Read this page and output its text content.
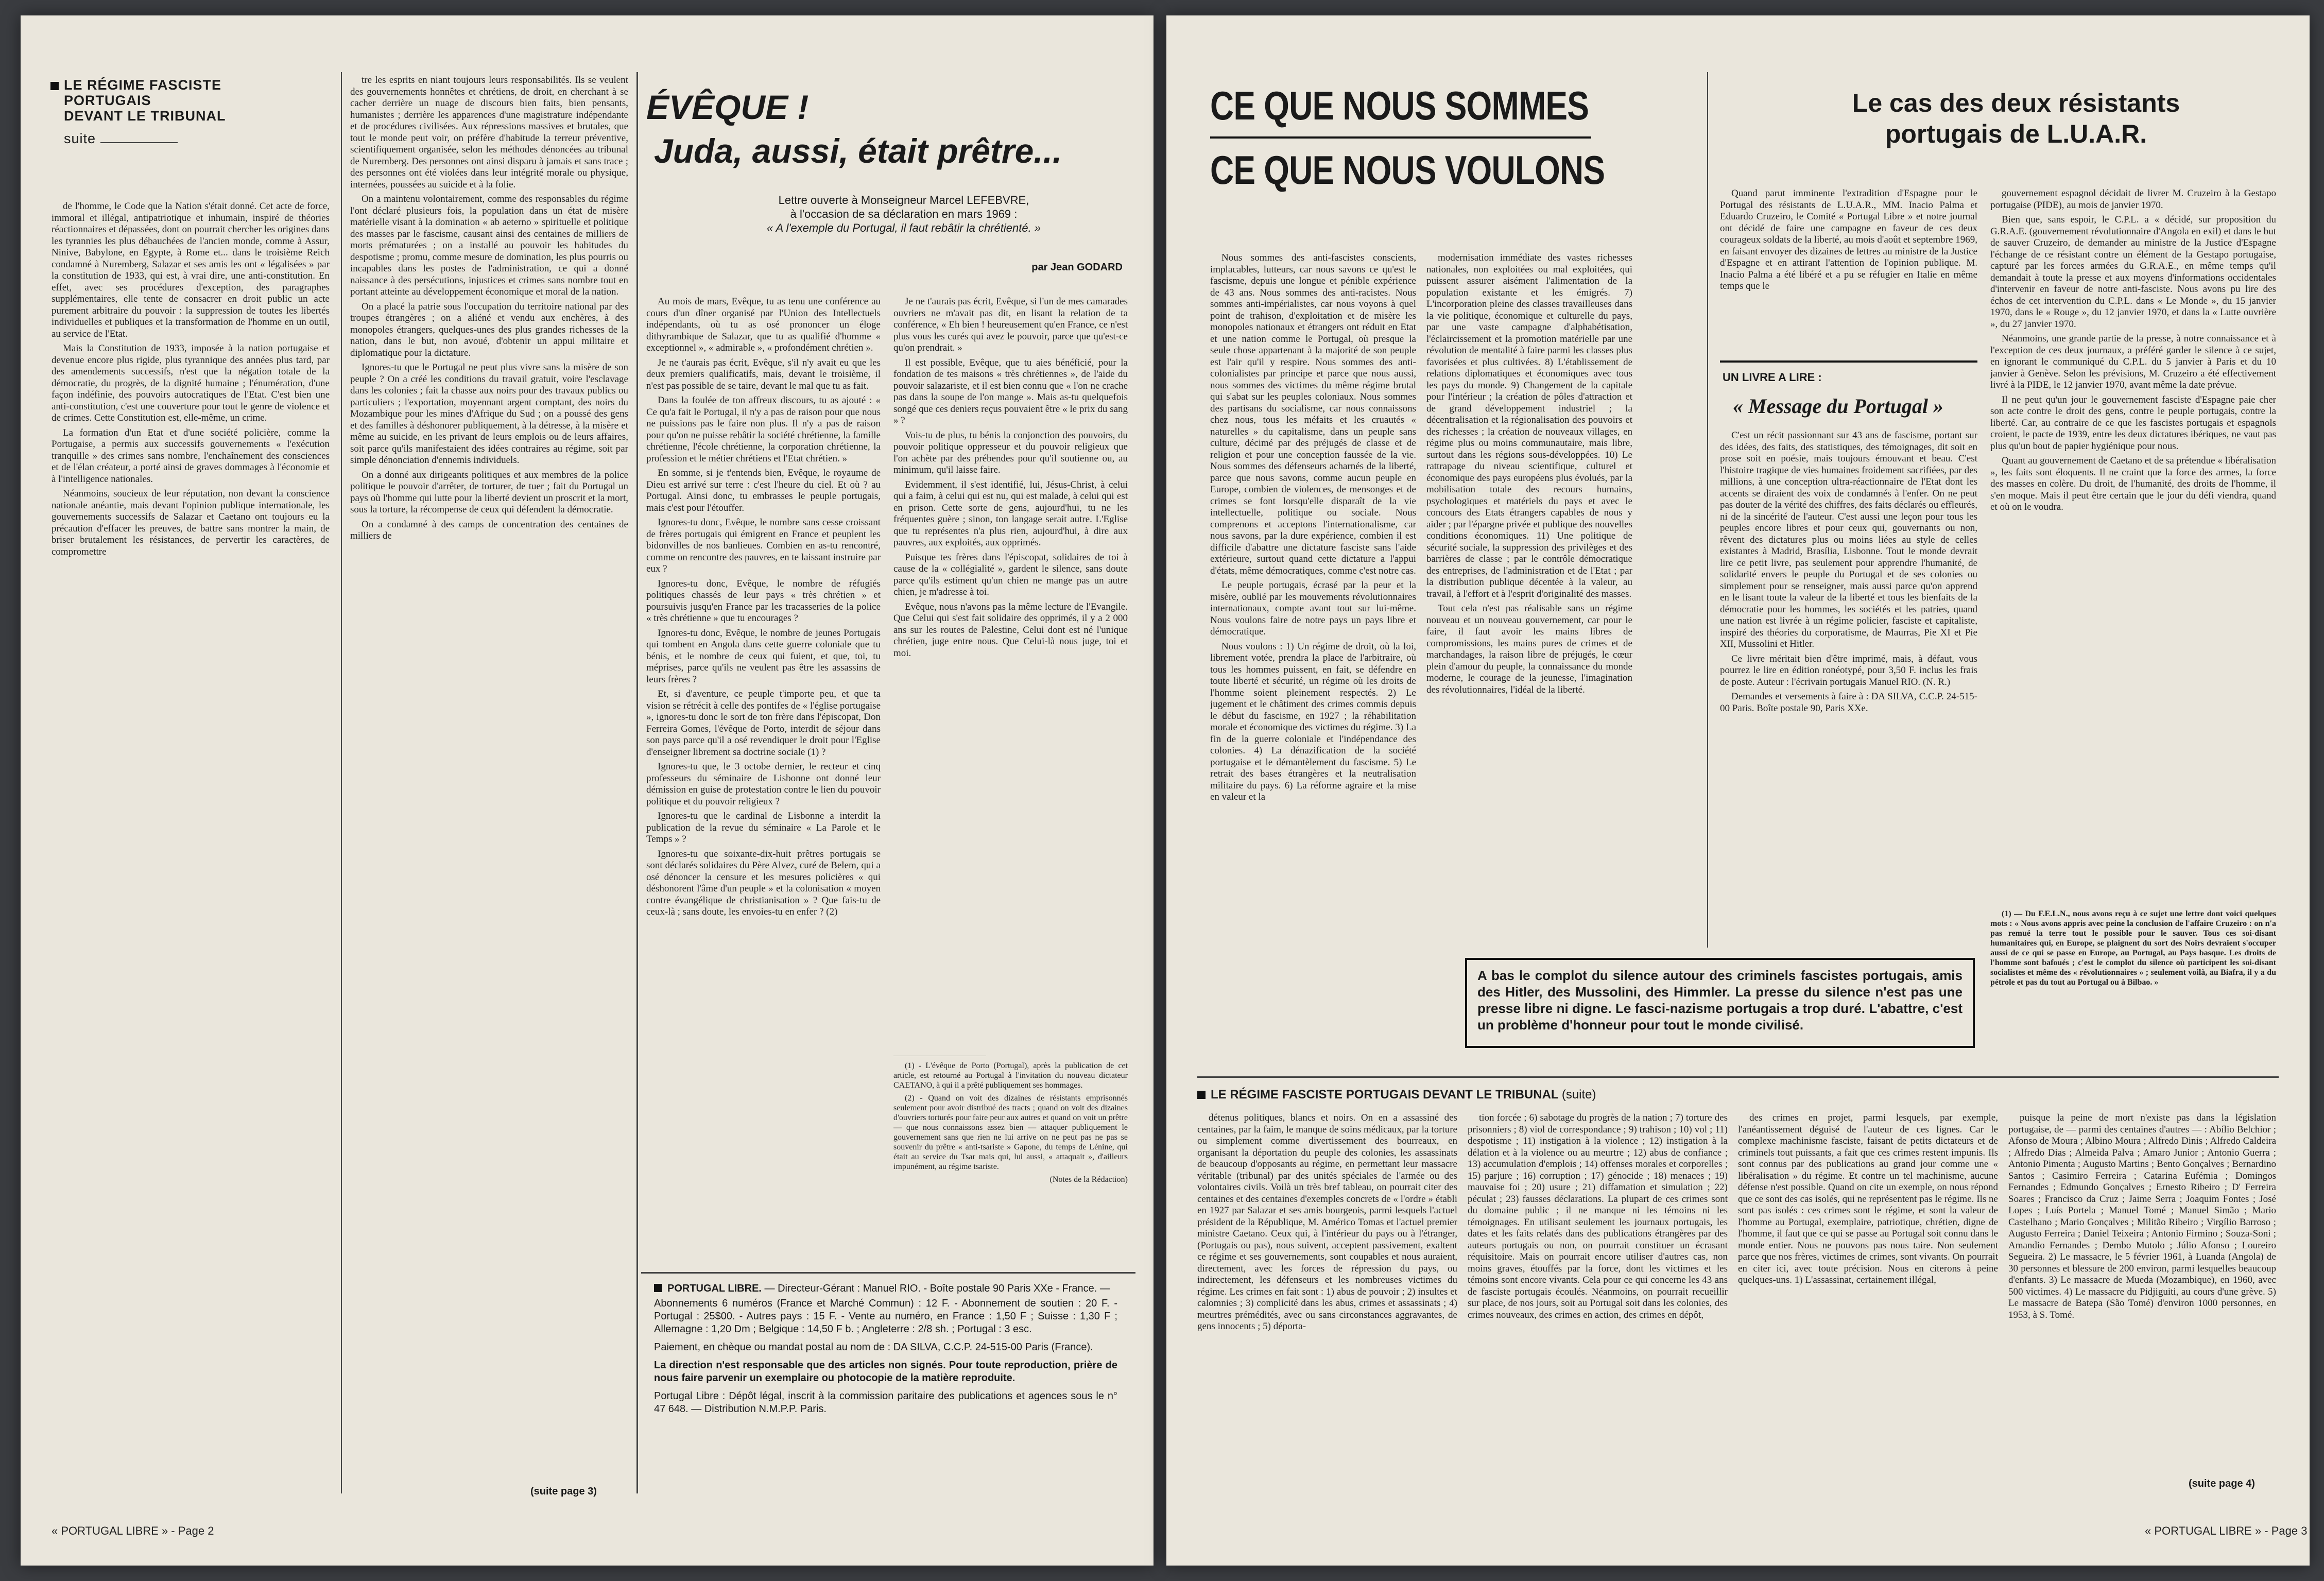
LE RÉGIME FASCISTE
PORTUGAIS
DEVANT LE TRIBUNAL
suite

de l'homme, le Code que la Nation s'était donné. Cet acte de force, immoral et illégal, antipatriotique et inhumain, inspiré de théories réactionnaires et dépassées, dont on pourrait chercher les origines dans les tyrannies les plus débauchées de l'ancien monde, comme à Assur, Ninive, Babylone, en Egypte, à Rome et... dans le troisième Reich condamné à Nuremberg, Salazar et ses amis les ont « légalisées » par la constitution de 1933, qui est, à vrai dire, une anti-constitution. En effet, avec ses procédures d'exception, des paragraphes supplémentaires, elle tente de consacrer en droit public un acte purement arbitraire du pouvoir : la suppression de toutes les libertés individuelles et publiques et la transformation de l'homme en un outil, au service de l'Etat.

Mais la Constitution de 1933, imposée à la nation portugaise et devenue encore plus rigide, plus tyrannique des années plus tard, par des amendements successifs, n'est que la négation totale de la démocratie, du progrès, de la dignité humaine ; l'énumération, d'une façon indéfinie, des pouvoirs autocratiques de l'Etat. C'est bien une anti-constitution, c'est une couverture pour tout le genre de violence et de crimes. Cette Constitution est, elle-même, un crime.

La formation d'un Etat et d'une société policière, comme la Portugaise, a permis aux successifs gouvernements « l'exécution tranquille » des crimes sans nombre, l'enchaînement des consciences et de l'élan créateur, a porté ainsi de graves dommages à l'économie et à l'intelligence nationales.

Néanmoins, soucieux de leur réputation, non devant la conscience nationale anéantie, mais devant l'opinion publique internationale, les gouvernements successifs de Salazar et Caetano ont toujours eu la précaution d'effacer les preuves, de battre sans montrer la main, de briser brutalement les résistances, de pervertir les caractères, de compromettre

tre les esprits en niant toujours leurs responsabilités. Ils se veulent des gouvernements honnêtes et chrétiens, de droit, en cherchant à se cacher derrière un nuage de discours bien faits, bien pensants, humanistes ; derrière les apparences d'une magistrature indépendante et de procédures civilisées. Aux répressions massives et brutales, que tout le monde peut voir, on préfère d'habitude la terreur préventive, scientifiquement organisée, selon les méthodes dénoncées au tribunal de Nuremberg. Des personnes ont ainsi disparu à jamais et sans trace ; des personnes ont été violées dans leur intégrité morale ou physique, internées, poussées au suicide et à la folie.

On a maintenu volontairement, comme des responsables du régime l'ont déclaré plusieurs fois, la population dans un état de misère matérielle visant à la domination « ab aeterno » spirituelle et politique des masses par le fascisme, causant ainsi des centaines de milliers de morts prématurées ; on a installé au pouvoir les habitudes du despotisme ; promu, comme mesure de domination, les plus pourris ou incapables dans les postes de l'administration, ce qui a donné naissance à des persécutions, injustices et crimes sans nombre tout en portant atteinte au développement économique et moral de la nation.

On a placé la patrie sous l'occupation du territoire national par des troupes étrangères ; on a aliéné et vendu aux enchères, à des monopoles étrangers, quelques-unes des plus grandes richesses de la nation, dans le but, non avoué, d'obtenir un appui militaire et diplomatique pour la dictature.

Ignores-tu que le Portugal ne peut plus vivre sans la misère de son peuple ? On a créé les conditions du travail gratuit, voire l'esclavage dans les colonies ; fait la chasse aux noirs pour des travaux publics ou particuliers ; l'exportation, moyennant argent comptant, des noirs du Mozambique pour les mines d'Afrique du Sud ; on a poussé des gens et des familles à déshonorer publiquement, à la détresse, à la misère et même au suicide, en les privant de leurs emplois ou de leurs affaires, soit parce qu'ils manifestaient des idées contraires au régime, soit par simple dénonciation d'ennemis individuels.

On a donné aux dirigeants politiques et aux membres de la police politique le pouvoir d'arrêter, de torturer, de tuer ; fait du Portugal un pays où l'homme qui lutte pour la liberté devient un proscrit et la mort, sous la torture, la récompense de ceux qui défendent la démocratie.

On a condamné à des camps de concentration des centaines de milliers de

(suite page 3)
ÉVÊQUE !
Juda, aussi, était prêtre...
Lettre ouverte à Monseigneur Marcel LEFEBVRE,
à l'occasion de sa déclaration en mars 1969 :
« A l'exemple du Portugal, il faut rebâtir la chrétienté. »
par Jean GODARD

Au mois de mars, Evêque, tu as tenu une conférence au cours d'un dîner organisé par l'Union des Intellectuels indépendants, où tu as osé prononcer un éloge dithyrambique de Salazar, que tu as qualifié d'homme « exceptionnel », « admirable », « profondément chrétien ».

Je ne t'aurais pas écrit, Evêque, s'il n'y avait eu que les deux premiers qualificatifs, mais, devant le troisième, il n'est pas possible de se taire, devant le mal que tu as fait.

Dans la foulée de ton affreux discours, tu as ajouté : « Ce qu'a fait le Portugal, il n'y a pas de raison pour que nous ne puissions pas le faire non plus. Il n'y a pas de raison pour qu'on ne puisse rebâtir la société chrétienne, la famille chrétienne, l'école chrétienne, la corporation chrétienne, la profession et le métier chrétiens et l'Etat chrétien. »

En somme, si je t'entends bien, Evêque, le royaume de Dieu est arrivé sur terre : c'est l'heure du ciel. Et où ? au Portugal. Ainsi donc, tu embrasses le peuple portugais, mais c'est pour l'étouffer.

Ignores-tu donc, Evêque, le nombre sans cesse croissant de frères portugais qui émigrent en France et peuplent les bidonvilles de nos banlieues. Combien en as-tu rencontré, comme on rencontre des pauvres, en te laissant instruire par eux ?

Ignores-tu donc, Evêque, le nombre de réfugiés politiques chassés de leur pays « très chrétien » et poursuivis jusqu'en France par les tracasseries de la police « très chrétienne » que tu encourages ?

Ignores-tu donc, Evêque, le nombre de jeunes Portugais qui tombent en Angola dans cette guerre coloniale que tu bénis, et le nombre de ceux qui fuient, et que, toi, tu méprises, parce qu'ils ne veulent pas être les assassins de leurs frères ?

Et, si d'aventure, ce peuple t'importe peu, et que ta vision se rétrécit à celle des pontifes de « l'église portugaise », ignores-tu donc le sort de ton frère dans l'épiscopat, Don Ferreira Gomes, l'évêque de Porto, interdit de séjour dans son pays parce qu'il a osé revendiquer le droit pour l'Eglise d'enseigner librement sa doctrine sociale (1) ?

Ignores-tu que, le 3 octobe dernier, le recteur et cinq professeurs du séminaire de Lisbonne ont donné leur démission en guise de protestation contre le lien du pouvoir politique et du pouvoir religieux ?

Ignores-tu que le cardinal de Lisbonne a interdit la publication de la revue du séminaire « La Parole et le Temps » ?

Ignores-tu que soixante-dix-huit prêtres portugais se sont déclarés solidaires du Père Alvez, curé de Belem, qui a osé dénoncer la censure et les mesures policières « qui déshonorent l'âme d'un peuple » et la colonisation « moyen contre évangélique de christianisation » ? Que fais-tu de ceux-là ; sans doute, les envoies-tu en enfer ? (2)

Je ne t'aurais pas écrit, Evêque, si l'un de mes camarades ouvriers ne m'avait pas dit, en lisant la relation de ta conférence, « Eh bien ! heureusement qu'en France, ce n'est plus vous les curés qui avez le pouvoir, parce que qu'est-ce qu'on prendrait. »

Il est possible, Evêque, que tu aies bénéficié, pour la fondation de tes maisons « très chrétiennes », de l'aide du pouvoir salazariste, et il est bien connu que « l'on ne crache pas dans la soupe de l'on mange ». Mais as-tu quelquefois songé que ces deniers reçus pouvaient être « le prix du sang » ?

Vois-tu de plus, tu bénis la conjonction des pouvoirs, du pouvoir politique oppresseur et du pouvoir religieux que l'on achète par des prébendes pour qu'il soutienne ou, au minimum, qu'il laisse faire.

Evidemment, il s'est identifié, lui, Jésus-Christ, à celui qui a faim, à celui qui est nu, qui est malade, à celui qui est en prison. Cette sorte de gens, aujourd'hui, tu ne les fréquentes guère ; sinon, ton langage serait autre. L'Eglise que tu représentes n'a plus rien, aujourd'hui, à dire aux pauvres, aux exploités, aux opprimés.

Puisque tes frères dans l'épiscopat, solidaires de toi à cause de la « collégialité », gardent le silence, sans doute parce qu'ils estiment qu'un chien ne mange pas un autre chien, je m'adresse à toi.

Evêque, nous n'avons pas la même lecture de l'Evangile. Que Celui qui s'est fait solidaire des opprimés, il y a 2 000 ans sur les routes de Palestine, Celui dont est né l'unique chrétien, juge entre nous. Que Celui-là nous juge, toi et moi.

(1) - L'évêque de Porto (Portugal), après la publication de cet article, est retourné au Portugal à l'invitation du nouveau dictateur CAETANO, à qui il a prêté publiquement ses hommages.

(2) - Quand on voit des dizaines de résistants emprisonnés seulement pour avoir distribué des tracts ; quand on voit des dizaines d'ouvriers torturés pour faire peur aux autres et quand on voit un prêtre — que nous connaissons assez bien — attaquer publiquement le gouvernement sans que rien ne lui arrive on ne peut pas ne pas se souvenir du prêtre « anti-tsariste » Gapone, du temps de Lénine, qui était au service du Tsar mais qui, lui aussi, « attaquait », d'ailleurs impunément, au régime tsariste.

(Notes de la Rédaction)

PORTUGAL LIBRE. — Directeur-Gérant : Manuel RIO. - Boîte postale 90 Paris XXe - France. —
Abonnements 6 numéros (France et Marché Commun) : 12 F. - Abonnement de soutien : 20 F. - Portugal : 25$00. - Autres pays : 15 F. - Vente au numéro, en France : 1,50 F ; Suisse : 1,30 F ; Allemagne : 1,20 Dm ; Belgique : 14,50 F b. ; Angleterre : 2/8 sh. ; Portugal : 3 esc.
Paiement, en chèque ou mandat postal au nom de : DA SILVA, C.C.P. 24-515-00 Paris (France).
La direction n'est responsable que des articles non signés. Pour toute reproduction, prière de nous faire parvenir un exemplaire ou photocopie de la matière reproduite.
Portugal Libre : Dépôt légal, inscrit à la commission paritaire des publications et agences sous le n° 47 648. — Distribution N.M.P.P. Paris.
« PORTUGAL LIBRE » - Page 2
CE QUE NOUS SOMMES
CE QUE NOUS VOULONS

Nous sommes des anti-fascistes conscients, implacables, lutteurs, car nous savons ce qu'est le fascisme, depuis une longue et pénible expérience de 43 ans. Nous sommes des anti-racistes. Nous sommes anti-impérialistes, car nous voyons à quel point de trahison, d'exploitation et de misère les monopoles nationaux et étrangers ont réduit en Etat et une nation comme le Portugal, où presque la seule chose appartenant à la majorité de son peuple est l'air qu'il y respire. Nous sommes des anti-colonialistes par principe et parce que nous aussi, nous sommes des victimes du même régime brutal qui s'abat sur les peuples coloniaux. Nous sommes des partisans du socialisme, car nous connaissons chez nous, tous les méfaits et les cruautés « naturelles » du capitalisme, dans un peuple sans culture, décimé par des préjugés de classe et de religion et pour une conception faussée de la vie. Nous sommes des défenseurs acharnés de la liberté, parce que nous savons, comme aucun peuple en Europe, combien de violences, de mensonges et de crimes se font lorsqu'elle disparaît de la vie intellectuelle, politique ou sociale. Nous comprenons et acceptons l'internationalisme, car nous savons, par la dure expérience, combien il est difficile d'abattre une dictature fasciste sans l'aide extérieure, surtout quand cette dictature a l'appui d'états, même démocratiques, comme c'est notre cas.

Le peuple portugais, écrasé par la peur et la misère, oublié par les mouvements révolutionnaires internationaux, compte avant tout sur lui-même. Nous voulons faire de notre pays un pays libre et démocratique.

Nous voulons : 1) Un régime de droit, où la loi, librement votée, prendra la place de l'arbitraire, où tous les hommes puissent, en fait, se défendre en toute liberté et sécurité, un régime où les droits de l'homme soient pleinement respectés. 2) Le jugement et le châtiment des crimes commis depuis le début du fascisme, en 1927 ; la réhabilitation morale et économique des victimes du régime. 3) La fin de la guerre coloniale et l'indépendance des colonies. 4) La dénazification de la société portugaise et le démantèlement du fascisme. 5) Le retrait des bases étrangères et la neutralisation militaire du pays. 6) La réforme agraire et la mise en valeur et la

modernisation immédiate des vastes richesses nationales, non exploitées ou mal exploitées, qui puissent assurer aisément l'alimentation de la population existante et les émigrés. 7) L'incorporation pleine des classes travailleuses dans la vie politique, économique et culturelle du pays, par une vaste campagne d'alphabétisation, l'éclaircissement et la promotion matérielle par une révolution de mentalité à faire parmi les classes plus favorisées et plus cultivées. 8) L'établissement de relations diplomatiques et économiques avec tous les pays du monde. 9) Changement de la capitale pour l'intérieur ; la création de pôles d'attraction et de grand développement industriel ; la décentralisation et la régionalisation des pouvoirs et des richesses ; la création de nouveaux villages, en régime plus ou moins communautaire, mais libre, surtout dans les régions sous-développées. 10) Le rattrapage du niveau scientifique, culturel et économique des pays européens plus évolués, par la mobilisation totale des recours humains, psychologiques et matériels du pays et avec le concours des Etats étrangers capables de nous y aider ; par l'épargne privée et publique des nouvelles conditions économiques. 11) Une politique de sécurité sociale, la suppression des privilèges et des barrières de classe ; par le contrôle démocratique des entreprises, de l'administration et de l'Etat ; par la distribution publique décentée à la valeur, au travail, à l'effort et à l'esprit d'originalité des masses.

Tout cela n'est pas réalisable sans un régime nouveau et un nouveau gouvernement, car pour le faire, il faut avoir les mains libres de compromissions, les mains pures de crimes et de marchandages, la raison libre de préjugés, le cœur plein d'amour du peuple, la connaissance du monde moderne, le courage de la jeunesse, l'imagination des révolutionnaires, l'idéal de la liberté.

Le cas des deux résistants
portugais de L.U.A.R.

Quand parut imminente l'extradition d'Espagne pour le Portugal des résistants de L.U.A.R., MM. Inacio Palma et Eduardo Cruzeiro, le Comité « Portugal Libre » et notre journal ont décidé de faire une campagne en faveur de ces deux courageux soldats de la liberté, au mois d'août et septembre 1969, en faisant envoyer des dizaines de lettres au ministre de la Justice d'Espagne et en attirant l'attention de l'opinion publique. M. Inacio Palma a été libéré et a pu se réfugier en Italie en même temps que le

gouvernement espagnol décidait de livrer M. Cruzeiro à la Gestapo portugaise (PIDE), au mois de janvier 1970.

Bien que, sans espoir, le C.P.L. a « décidé, sur proposition du G.R.A.E. (gouvernement révolutionnaire d'Angola en exil) et dans le but de sauver Cruzeiro, de demander au ministre de la Justice d'Espagne l'échange de ce résistant contre un élément de la Gestapo portugaise, capturé par les forces armées du G.R.A.E., en même temps qu'il demandait à toute la presse et aux moyens d'informations occidentales d'intervenir en faveur de notre anti-fasciste. Nous avons pu lire des échos de cet intervention du C.P.L. dans « Le Monde », du 15 janvier 1970, dans le « Rouge », du 12 janvier 1970, et dans la « Lutte ouvrière », du 27 janvier 1970.

Néanmoins, une grande partie de la presse, à notre connaissance et à l'exception de ces deux journaux, a préféré garder le silence à ce sujet, en ignorant le communiqué du C.P.L. du 5 janvier à Paris et du 10 janvier à Genève. Selon les prévisions, M. Cruzeiro a été effectivement livré à la PIDE, le 12 janvier 1970, avant même la date prévue.

Il ne peut qu'un jour le gouvernement fasciste d'Espagne paie cher son acte contre le droit des gens, contre le peuple portugais, contre la liberté. Car, au contraire de ce que les fascistes portugais et espagnols croient, le pacte de 1939, entre les deux dictatures ibériques, ne vaut pas plus qu'un bout de papier hygiénique pour nous.

Quant au gouvernement de Caetano et de sa prétendue « libéralisation », les faits sont éloquents. Il ne craint que la force des armes, la force des masses en colère. Du droit, de l'humanité, des droits de l'homme, il s'en moque. Mais il peut être certain que le jour du défi viendra, quand et où on le voudra.

(1) — Du F.E.L.N., nous avons reçu à ce sujet une lettre dont voici quelques mots : « Nous avons appris avec peine la conclusion de l'affaire Cruzeiro : on n'a pas remué la terre tout le possible pour le sauver. Tous ces soi-disant humanitaires qui, en Europe, se plaignent du sort des Noirs devraient s'occuper aussi de ce qui se passe en Europe, au Portugal, au Pays basque. Les droits de l'homme sont bafoués ; c'est le complot du silence où participent les soi-disant socialistes et même des « révolutionnaires » ; seulement voilà, au Biafra, il y a du pétrole et pas du tout au Portugal ou à Bilbao. »

UN LIVRE A LIRE :
« Message du Portugal »

C'est un récit passionnant sur 43 ans de fascisme, portant sur des idées, des faits, des statistiques, des témoignages, dit soit en prose soit en poésie, mais toujours émouvant et beau. C'est l'histoire tragique de vies humaines froidement sacrifiées, par des millions, à une conception ultra-réactionnaire de l'Etat dont les accents se diraient des voix de condamnés à l'enfer. On ne peut pas douter de la vérité des chiffres, des faits déclarés ou effleurés, ni de la sincérité de l'auteur. C'est aussi une leçon pour tous les peuples encore libres et pour ceux qui, gouvernants ou non, rêvent des dictatures plus ou moins liées au style de celles existantes à Madrid, Brasília, Lisbonne. Tout le monde devrait lire ce petit livre, pas seulement pour apprendre l'humanité, de solidarité envers le peuple du Portugal et de ses colonies ou simplement pour se renseigner, mais aussi parce qu'on apprend en le lisant toute la valeur de la liberté et tous les bienfaits de la démocratie pour les hommes, les sociétés et les patries, quand une nation est livrée à un régime policier, fasciste et capitaliste, inspiré des théories du corporatisme, de Maurras, Pie XI et Pie XII, Mussolini et Hitler.

Ce livre méritait bien d'être imprimé, mais, à défaut, vous pourrez le lire en édition ronéotypé, pour 3,50 F. inclus les frais de poste. Auteur : l'écrivain portugais Manuel RIO. (N. R.)

Demandes et versements à faire à : DA SILVA, C.C.P. 24-515-00 Paris. Boîte postale 90, Paris XXe.

A bas le complot du silence autour des criminels fascistes portugais, amis des Hitler, des Mussolini, des Himmler. La presse du silence n'est pas une presse libre ni digne. Le fasci-nazisme portugais a trop duré. L'abattre, c'est un problème d'honneur pour tout le monde civilisé.
LE RÉGIME FASCISTE PORTUGAIS DEVANT LE TRIBUNAL (suite)

détenus politiques, blancs et noirs. On en a assassiné des centaines, par la faim, le manque de soins médicaux, par la torture ou simplement comme divertissement des bourreaux, en organisant la déportation du peuple des colonies, les assassinats de beaucoup d'opposants au régime, en permettant leur massacre véritable (tribunal) par des unités spéciales de l'armée ou des volontaires civils. Voilà un très bref tableau, on pourrait citer des centaines et des centaines d'exemples concrets de « l'ordre » établi en 1927 par Salazar et ses amis bourgeois, parmi lesquels l'actuel président de la République, M. Américo Tomas et l'actuel premier ministre Caetano. Ceux qui, à l'intérieur du pays ou à l'étranger, (Portugais ou pas), nous suivent, acceptent passivement, exaltent ce régime et ses gouvernements, sont coupables et nous auraient, directement, avec les forces de répression du pays, ou indirectement, les défenseurs et les nombreuses victimes du régime. Les crimes en fait sont : 1) abus de pouvoir ; 2) insultes et calomnies ; 3) complicité dans les abus, crimes et assassinats ; 4) meurtres prémédités, avec ou sans circonstances aggravantes, de gens innocents ; 5) déporta-

tion forcée ; 6) sabotage du progrès de la nation ; 7) torture des prisonniers ; 8) viol de correspondance ; 9) trahison ; 10) vol ; 11) despotisme ; 11) instigation à la violence ; 12) instigation à la délation et à la violence ou au meurtre ; 12) abus de confiance ; 13) accumulation d'emplois ; 14) offenses morales et corporelles ; 15) parjure ; 16) corruption ; 17) génocide ; 18) menaces ; 19) mauvaise foi ; 20) usure ; 21) diffamation et simulation ; 22) péculat ; 23) fausses déclarations. La plupart de ces crimes sont du domaine public ; il ne manque ni les témoins ni les témoignages. En utilisant seulement les journaux portugais, les dates et les faits relatés dans des publications étrangères par des auteurs portugais ou non, on pourrait constituer un écrasant réquisitoire. Mais on pourrait encore utiliser d'autres cas, non moins graves, étouffés par la force, dont les victimes et les témoins sont encore vivants. Cela pour ce qui concerne les 43 ans de fasciste portugais écoulés. Néanmoins, on pourrait recueillir sur place, de nos jours, soit au Portugal soit dans les colonies, des crimes nouveaux, des crimes en action, des crimes en dépôt,

des crimes en projet, parmi lesquels, par exemple, l'anéantissement déguisé de l'auteur de ces lignes. Car le complexe machinisme fasciste, faisant de petits dictateurs et de criminels tout puissants, a fait que ces crimes restent impunis. Ils sont connus par des publications au grand jour comme une « libéralisation » du régime. Et contre un tel machinisme, aucune défense n'est possible. Quand on cite un exemple, on nous répond que ce sont des cas isolés, qui ne représentent pas le régime. Ils ne sont pas isolés : ces crimes sont le régime, et sont la valeur de l'homme au Portugal, exemplaire, patriotique, chrétien, digne de l'homme, il faut que ce qui se passe au Portugal soit connu dans le monde entier. Nous ne pouvons pas nous taire. Non seulement parce que nos frères, victimes de crimes, sont vivants. On pourrait en citer ici, avec toute précision. Nous en citerons à peine quelques-uns. 1) L'assassinat, certainement illégal,

puisque la peine de mort n'existe pas dans la législation portugaise, de — parmi des centaines d'autres — : Abílio Belchior ; Afonso de Moura ; Albino Moura ; Alfredo Dinis ; Alfredo Caldeira ; Alfredo Dias ; Almeida Palva ; Amaro Junior ; Antonio Guerra ; Antonio Pimenta ; Augusto Martins ; Bento Gonçalves ; Bernardino Santos ; Casimiro Ferreira ; Catarina Eufémia ; Domingos Fernandes ; Edmundo Gonçalves ; Ernesto Ribeiro ; D' Ferreira Soares ; Francisco da Cruz ; Jaime Serra ; Joaquim Fontes ; José Lopes ; Luís Portela ; Manuel Tomé ; Manuel Simão ; Mario Castelhano ; Mario Gonçalves ; Militão Ribeiro ; Virgílio Barroso ; Augusto Ferreira ; Daniel Teixeira ; Antonio Firmino ; Souza-Soni ; Amandio Fernandes ; Dembo Mutolo ; Júlio Afonso ; Loureiro Segueira. 2) Le massacre, le 5 février 1961, à Luanda (Angola) de 30 personnes et blessure de 200 environ, parmi lesquelles beaucoup d'enfants. 3) Le massacre de Mueda (Mozambique), en 1960, avec 500 victimes. 4) Le massacre du Pidjiguiti, au cours d'une grève. 5) Le massacre de Batepa (São Tomé) d'environ 1000 personnes, en 1953, à S. Tomé.

(suite page 4)
« PORTUGAL LIBRE » - Page 3
